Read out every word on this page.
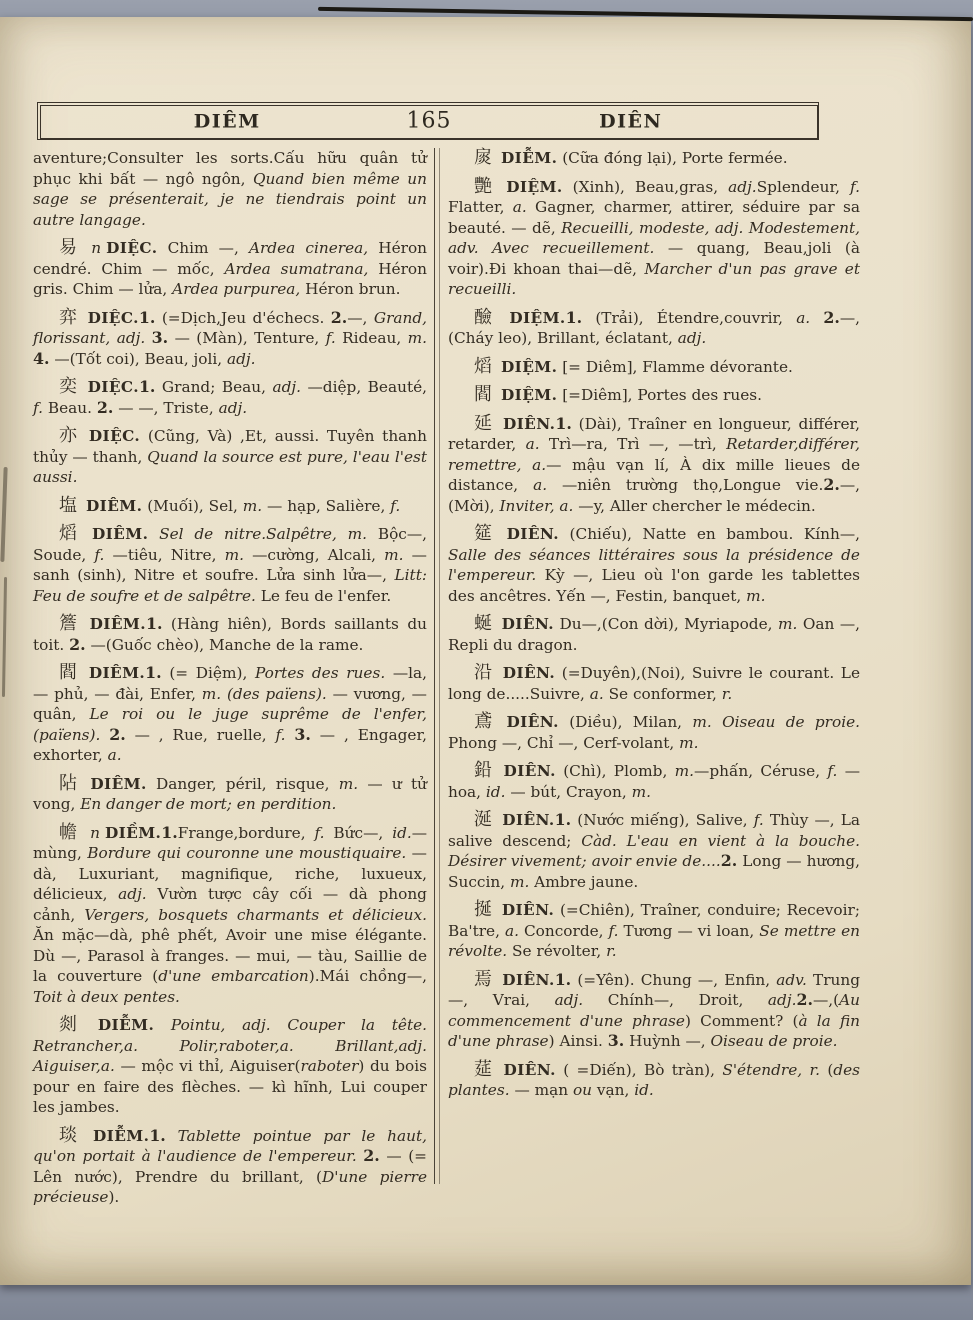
DIÊM	165	DIÊN

aventure;Consulter les sorts.Cấu hữu quân tử phục khi bất — ngô ngôn, Quand bien même un sage se présenterait, je ne tiendrais point un autre langage.

易 n DIỆC. Chim —, Ardea cinerea, Héron cendré. Chim — mốc, Ardea sumatrana, Héron gris. Chim — lửa, Ardea purpurea, Héron brun.

弈 DIỆC.1. (=Dịch,Jeu d'échecs. 2.—, Grand, florissant, adj. 3. — (Màn), Tenture, f. Rideau, m. 4. —(Tốt coi), Beau, joli, adj.

奕 DIỆC.1. Grand; Beau, adj. —diệp, Beauté, f. Beau. 2. — —, Triste, adj.

亦 DIỆC. (Cũng, Và) ,Et, aussi. Tuyên thanh thủy — thanh, Quand la source est pure, l'eau l'est aussi.

塩 DIÊM. (Muối), Sel, m. — hạp, Salière, f.

熖 DIÊM. Sel de nitre.Salpêtre, m. Bộc—, Soude, f. —tiêu, Nitre, m. —cường, Alcali, m. — sanh (sinh), Nitre et soufre. Lửa sinh lửa—, Litt: Feu de soufre et de salpêtre. Le feu de l'enfer.

簷 DIÊM.1. (Hàng hiên), Bords saillants du toit. 2. —(Guốc chèo), Manche de la rame.

閻 DIÊM.1. (= Diệm), Portes des rues. —la, — phủ, — đài, Enfer, m. (des païens). — vương, — quân, Le roi ou le juge suprême de l'enfer, (païens). 2. — , Rue, ruelle, f. 3. — , Engager, exhorter, a.

阽 DIÊM. Danger, péril, risque, m. — ư tử vong, En danger de mort; en perdition.

幨 n DIỀM.1.Frange,bordure, f. Bức—, id.— mùng, Bordure qui couronne une moustiquaire. — dà, Luxuriant, magnifique, riche, luxueux, délicieux, adj. Vườn tược cây cối — dà phong cảnh, Vergers, bosquets charmants et délicieux. Ăn mặc—dà, phê phết, Avoir une mise élégante. Dù —, Parasol à franges. — mui, — tàu, Saillie de la couverture (d'une embarcation).Mái chồng—, Toit à deux pentes.

剡 DIỄM. Pointu, adj. Couper la tête. Retrancher,a. Polir,raboter,a. Brillant,adj. Aiguiser,a. — mộc vi thỉ, Aiguiser(raboter) du bois pour en faire des flèches. — kì hĩnh, Lui couper les jambes.

琰 DIỄM.1. Tablette pointue par le haut, qu'on portait à l'audience de l'empereur. 2. — (= Lên nước), Prendre du brillant, (D'une pierre précieuse).

扊 DIỄM. (Cữa đóng lại), Porte fermée.

艷 DIỆM. (Xinh), Beau,gras, adj.Splendeur, f. Flatter, a. Gagner, charmer, attirer, séduire par sa beauté. — dẽ, Recueilli, modeste, adj. Modestement, adv. Avec recueillement. — quang, Beau,joli (à voir).Đi khoan thai—dẽ, Marcher d'un pas grave et recueilli.

醶 DIỆM.1. (Trải), Étendre,couvrir, a. 2.—, (Cháy leo), Brillant, éclatant, adj.

熖 DIỆM. [= Diêm], Flamme dévorante.

閻 DIỆM. [=Diêm], Portes des rues.

延 DIÊN.1. (Dài), Traîner en longueur, différer, retarder, a. Trì—ra, Trì —, —trì, Retarder,différer, remettre, a.— mậu vạn lí, À dix mille lieues de distance, a. —niên trường thọ,Longue vie.2.—, (Mời), Inviter, a. —y, Aller chercher le médecin.

筵 DIÊN. (Chiếu), Natte en bambou. Kính—, Salle des séances littéraires sous la présidence de l'empereur. Kỳ —, Lieu où l'on garde les tablettes des ancêtres. Yến —, Festin, banquet, m.

蜒 DIÊN. Du—,(Con dời), Myriapode, m. Oan —, Repli du dragon.

沿 DIÊN. (=Duyên),(Noi), Suivre le courant. Le long de.....Suivre, a. Se conformer, r.

鳶 DIÊN. (Diều), Milan, m. Oiseau de proie. Phong —, Chỉ —, Cerf-volant, m.

鉛 DIÊN. (Chì), Plomb, m.—phấn, Céruse, f. — hoa, id. — bút, Crayon, m.

涎 DIÊN.1. (Nước miếng), Salive, f. Thùy —, La salive descend; Càd. L'eau en vient à la bouche. Désirer vivement; avoir envie de....2. Long — hương, Succin, m. Ambre jaune.

挻 DIÊN. (=Chiên), Traîner, conduire; Recevoir; Ba'tre, a. Concorde, f. Tương — vi loan, Se mettre en révolte. Se révolter, r.

焉 DIÊN.1. (=Yên). Chung —, Enfin, adv. Trung —, Vrai, adj. Chính—, Droit, adj.2.—,(Au commencement d'une phrase) Comment? (à la fin d'une phrase) Ainsi. 3. Huỳnh —, Oiseau de proie.

莚 DIÊN. ( =Diến), Bò tràn), S'étendre, r. (des plantes. — mạn ou vạn, id.
